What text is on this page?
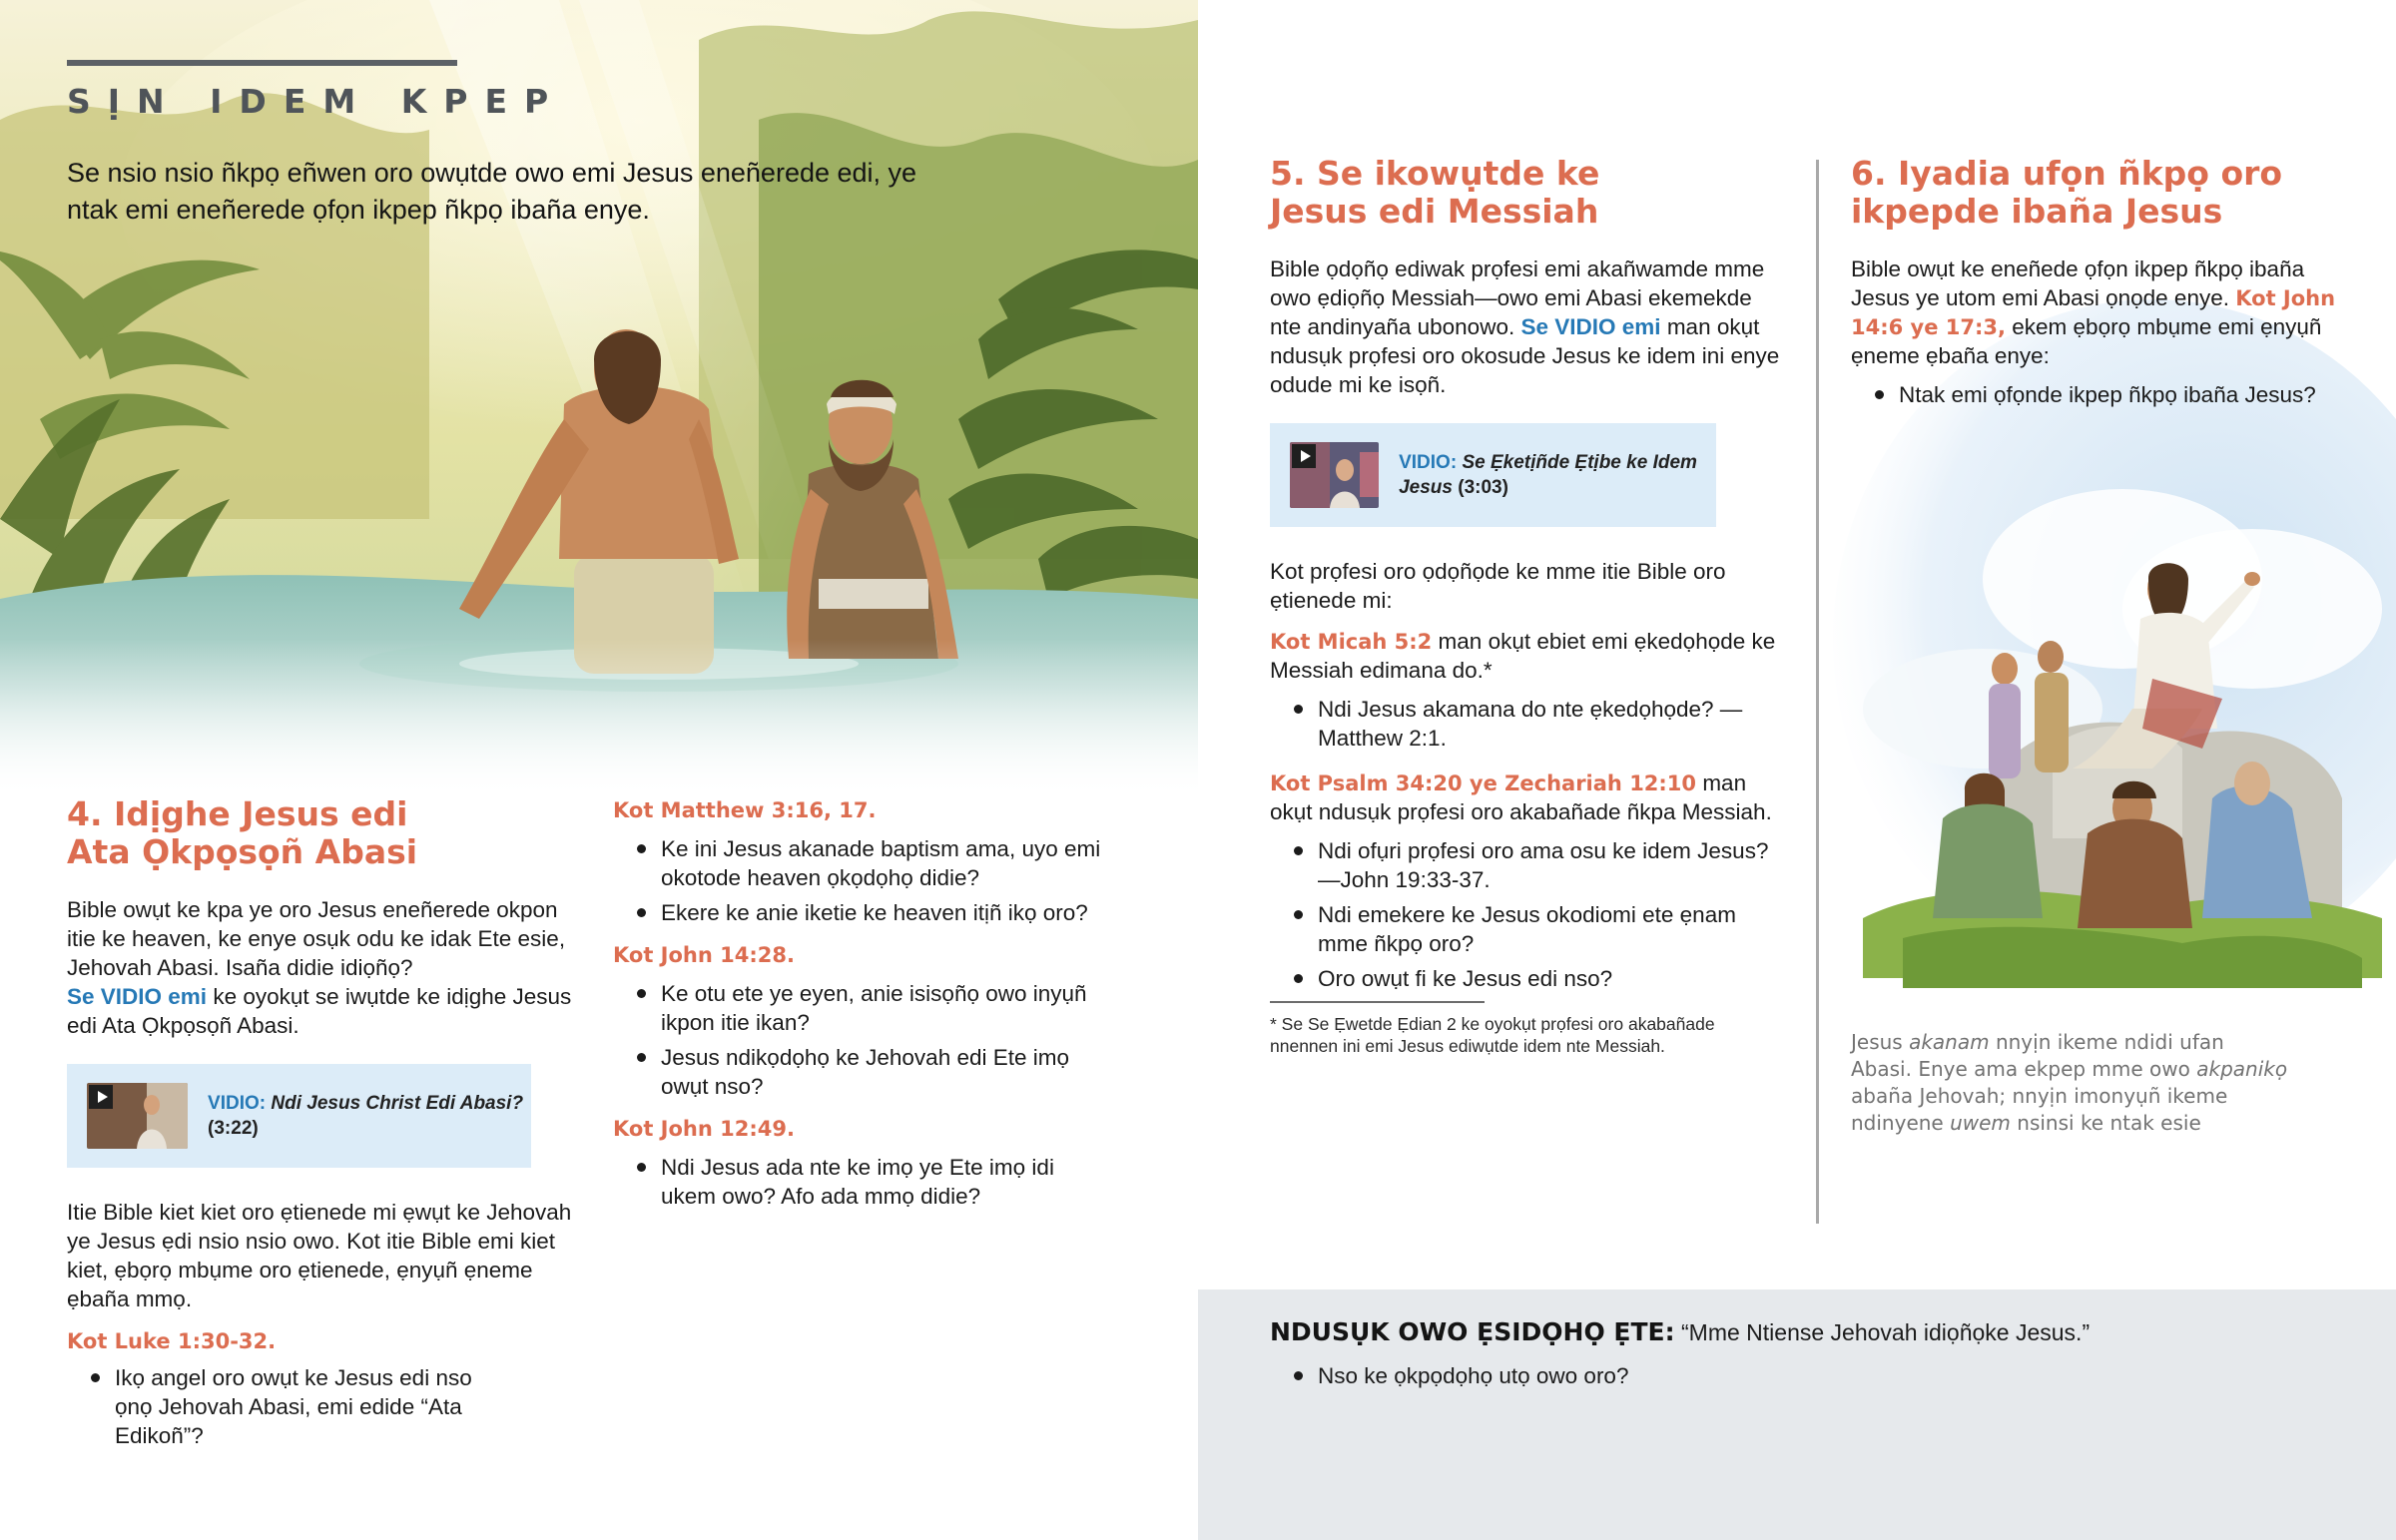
SỊN IDEM KPEP
Se nsio nsio ñkpọ eñwen oro owụtde owo emi Jesus eneñerede edi, ye ntak emi eneñerede ọfọn ikpep ñkpọ ibaña enye.
4. Idịghe Jesus edi
Ata Ọkpọsọñ Abasi
Bible owụt ke kpa ye oro Jesus eneñerede okpon itie ke heaven, ke enye osụk odu ke idak Ete esie, Jehovah Abasi. Isaña didie idiọñọ?
Se VIDIO emi ke oyokụt se iwụtde ke idịghe Jesus edi Ata Ọkpọsọñ Abasi.
VIDIO: Ndi Jesus Christ Edi Abasi? (3:22)
Itie Bible kiet kiet oro ẹtienede mi ẹwụt ke Jehovah ye Jesus ẹdi nsio nsio owo. Kot itie Bible emi kiet kiet, ẹbọrọ mbụme oro ẹtienede, ẹnyụñ ẹneme ẹbaña mmọ.
Kot Luke 1:30-32.
Ikọ angel oro owụt ke Jesus edi nso ọnọ Jehovah Abasi, emi edide “Ata Edikoñ”?
Kot Matthew 3:16, 17.
Ke ini Jesus akanade baptism ama, uyo emi okotode heaven ọkọdọhọ didie?
Ekere ke anie iketie ke heaven itịñ ikọ oro?
Kot John 14:28.
Ke otu ete ye eyen, anie isisọñọ owo inyụñ ikpon itie ikan?
Jesus ndikọdọhọ ke Jehovah edi Ete imọ owụt nso?
Kot John 12:49.
Ndi Jesus ada nte ke imọ ye Ete imọ idi ukem owo? Afo ada mmọ didie?
5. Se ikowụtde ke
Jesus edi Messiah
Bible ọdọñọ ediwak prọfesi emi akañwamde mme owo ẹdiọñọ Messiah—owo emi Abasi ekemekde nte andinyaña ubonowo. Se VIDIO emi man okụt ndusụk prọfesi oro okosude Jesus ke idem ini enye odude mi ke isọñ.
VIDIO: Se Ẹketịñde Ẹtịbe ke Idem Jesus (3:03)
Kot prọfesi oro ọdọñọde ke mme itie Bible oro ẹtienede mi:
Kot Micah 5:2 man okụt ebiet emi ẹkedọhọde ke Messiah edimana do.*
Ndi Jesus akamana do nte ẹkedọhọde? —Matthew 2:1.
Kot Psalm 34:20 ye Zechariah 12:10 man okụt ndusụk prọfesi oro akabañade ñkpa Messiah.
Ndi ofụri prọfesi oro ama osu ke idem Jesus? —John 19:33-37.
Ndi emekere ke Jesus okodiomi ete ẹnam mme ñkpọ oro?
Oro owụt fi ke Jesus edi nso?
* Se Se Ẹwetde Ẹdian 2 ke oyokụt prọfesi oro akabañade nnennen ini emi Jesus ediwụtde idem nte Messiah.
6. Iyadia ufọn ñkpọ oro
ikpepde ibaña Jesus
Bible owụt ke eneñede ọfọn ikpep ñkpọ ibaña Jesus ye utom emi Abasi ọnọde enye. Kot John 14:6 ye 17:3, ekem ẹbọrọ mbụme emi ẹnyụñ ẹneme ẹbaña enye:
Ntak emi ọfọnde ikpep ñkpọ ibaña Jesus?
Jesus akanam nnyịn ikeme ndidi ufan Abasi. Enye ama ekpep mme owo akpanikọ abaña Jehovah; nnyịn imonyụñ ikeme ndinyene uwem nsinsi ke ntak esie
NDUSỤK OWO ẸSIDỌHỌ ẸTE: “Mme Ntiense Jehovah idiọñọke Jesus.”
Nso ke ọkpọdọhọ utọ owo oro?
